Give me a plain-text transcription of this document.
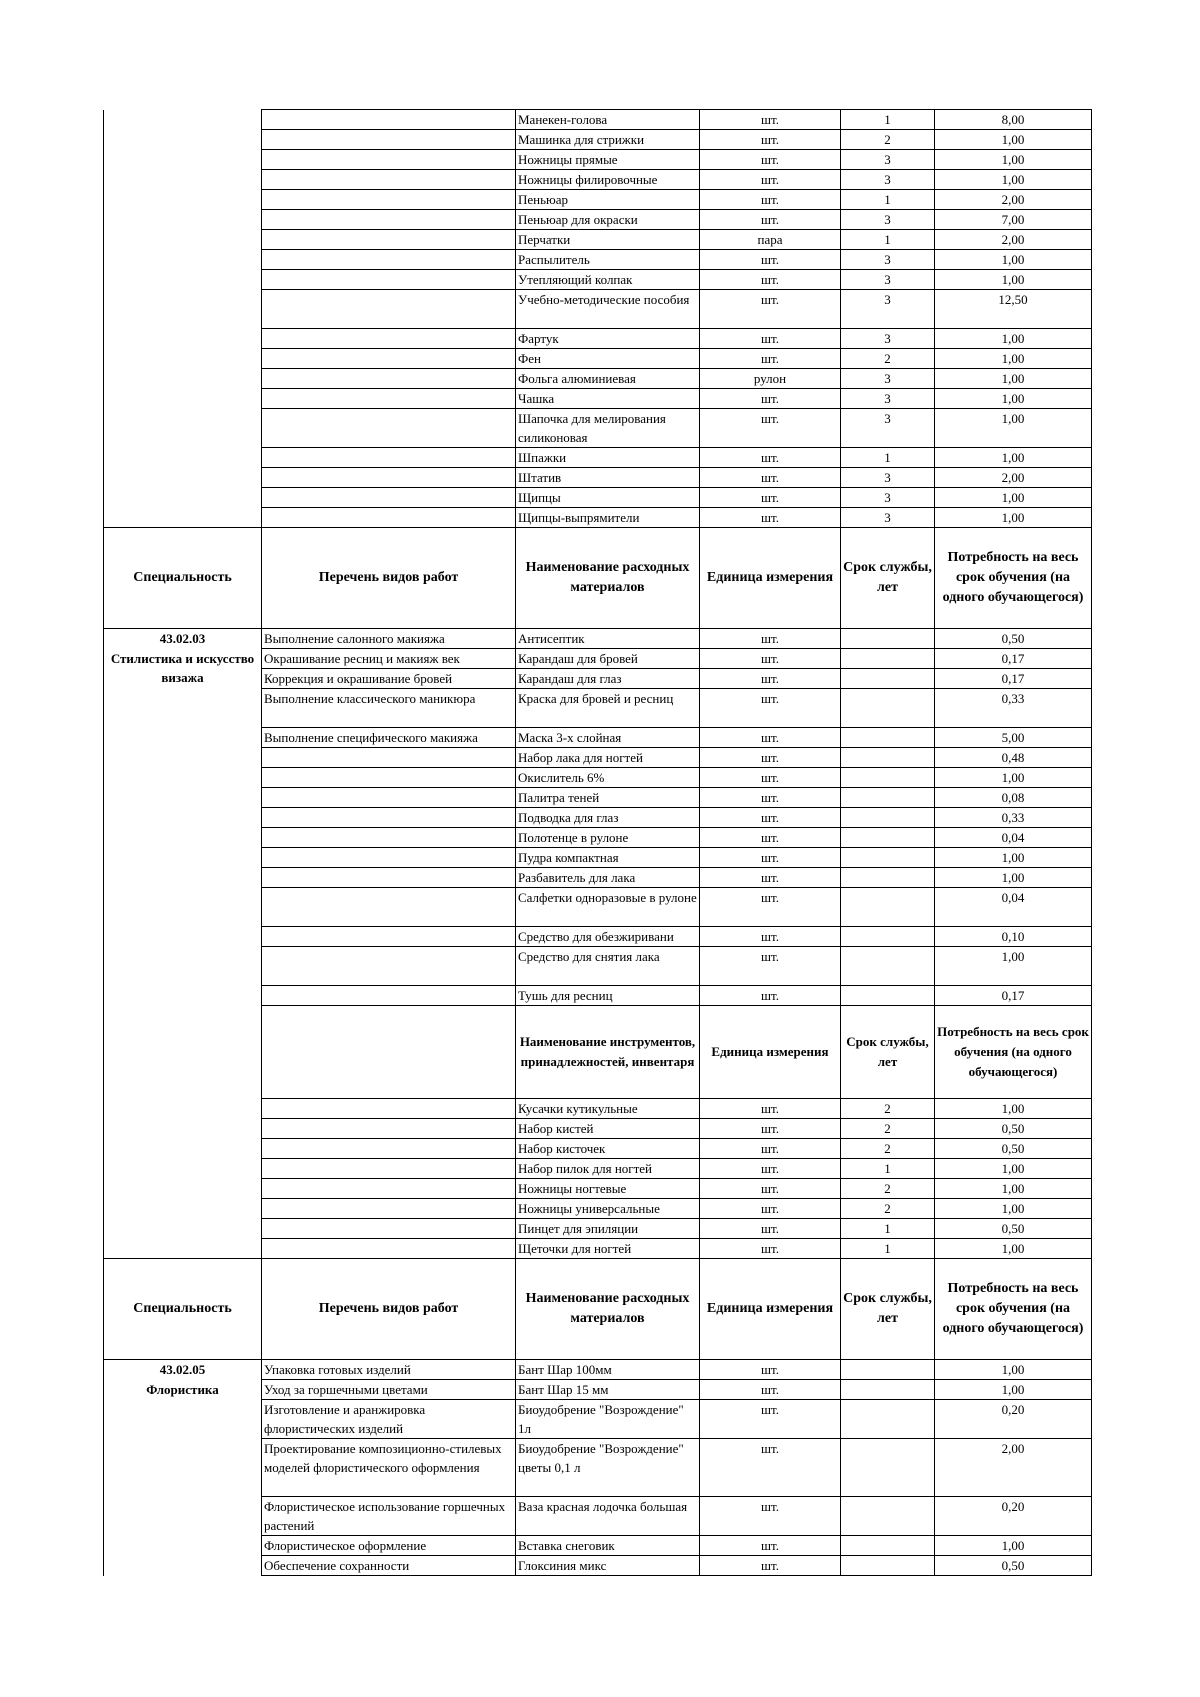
		Манекен-голова	шт.	1	8,00
		Машинка для стрижки	шт.	2	1,00
		Ножницы прямые	шт.	3	1,00
		Ножницы филировочные	шт.	3	1,00
		Пеньюар	шт.	1	2,00
		Пеньюар для окраски	шт.	3	7,00
		Перчатки	пара	1	2,00
		Распылитель	шт.	3	1,00
		Утепляющий колпак	шт.	3	1,00
		Учебно-методические пособия	шт.	3	12,50
		Фартук	шт.	3	1,00
		Фен	шт.	2	1,00
		Фольга алюминиевая	рулон	3	1,00
		Чашка	шт.	3	1,00
		Шапочка для мелирования силиконовая	шт.	3	1,00
		Шпажки	шт.	1	1,00
		Штатив	шт.	3	2,00
		Щипцы	шт.	3	1,00
		Щипцы-выпрямители	шт.	3	1,00
Специальность	Перечень видов работ	Наименование расходных материалов	Единица измерения	Срок службы, лет	Потребность на весь срок обучения (на одного обучающегося)
43.02.03	Выполнение салонного макияжа	Антисептик	шт.		0,50
Стилистика и искусство визажа	Окрашивание ресниц и макияж век	Карандаш для бровей	шт.		0,17
	Коррекция и окрашивание бровей	Карандаш для глаз	шт.		0,17
	Выполнение классического маникюра	Краска для бровей и ресниц	шт.		0,33
	Выполнение специфического макияжа	Маска 3-х слойная	шт.		5,00
		Набор лака для ногтей	шт.		0,48
		Окислитель 6%	шт.		1,00
		Палитра теней	шт.		0,08
		Подводка для глаз	шт.		0,33
		Полотенце в рулоне	шт.		0,04
		Пудра компактная	шт.		1,00
		Разбавитель для лака	шт.		1,00
		Салфетки одноразовые в рулоне	шт.		0,04
		Средство для обезжиривани	шт.		0,10
		Средство для снятия лака	шт.		1,00
		Тушь для ресниц	шт.		0,17
		Наименование инструментов, принадлежностей, инвентаря	Единица измерения	Срок службы, лет	Потребность на весь срок обучения (на одного обучающегося)
		Кусачки кутикульные	шт.	2	1,00
		Набор кистей	шт.	2	0,50
		Набор кисточек	шт.	2	0,50
		Набор пилок для ногтей	шт.	1	1,00
		Ножницы ногтевые	шт.	2	1,00
		Ножницы универсальные	шт.	2	1,00
		Пинцет для эпиляции	шт.	1	0,50
		Щеточки для ногтей	шт.	1	1,00
Специальность	Перечень видов работ	Наименование расходных материалов	Единица измерения	Срок службы, лет	Потребность на весь срок обучения (на одного обучающегося)
43.02.05	Упаковка готовых изделий	Бант Шар 100мм	шт.		1,00
Флористика	Уход за горшечными цветами	Бант Шар 15 мм	шт.		1,00
	Изготовление и аранжировка флористических изделий	Биоудобрение "Возрождение" 1л	шт.		0,20
	Проектирование композиционно-стилевых моделей флористического оформления	Биоудобрение "Возрождение" цветы 0,1 л	шт.		2,00
	Флористическое использование горшечных растений	Ваза красная лодочка большая	шт.		0,20
	Флористическое оформление	Вставка снеговик	шт.		1,00
	Обеспечение сохранности	Глоксиния микс	шт.		0,50
